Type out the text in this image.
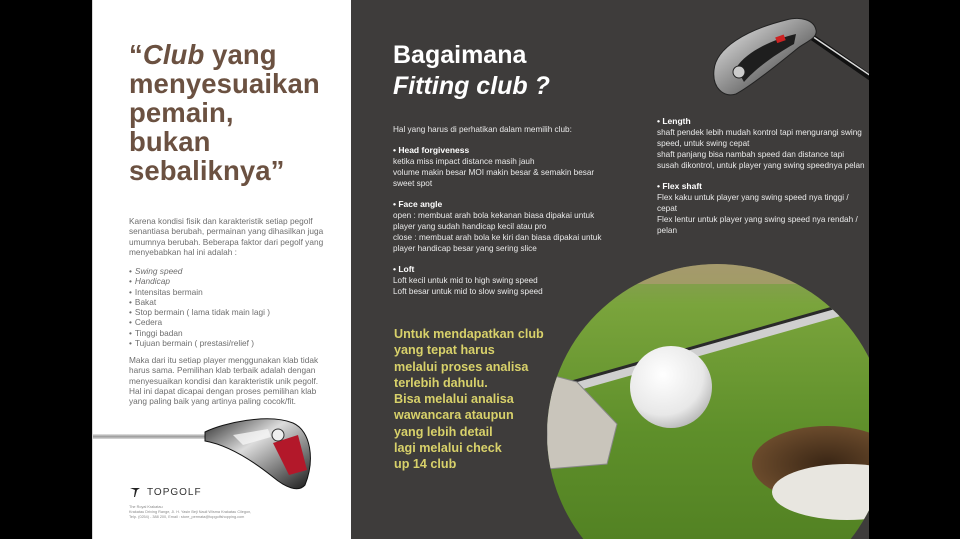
“Club yang
menyesuaikan
pemain,
bukan
sebaliknya”

Karena kondisi fisik dan karakteristik setiap pegolf senantiasa berubah, permainan yang dihasilkan juga umumnya berubah. Beberapa faktor dari pegolf yang menyebabkan hal ini adalah :

• Swing speed
• Handicap
• Intensitas bermain
• Bakat
• Stop bermain ( lama tidak main lagi )
• Cedera
• Tinggi badan
• Tujuan bermain ( prestasi/relief )

Maka dari itu setiap player menggunakan klab tidak harus sama. Pemilihan klab terbaik adalah dengan menyesuaikan kondisi dan karakteristik unik pegolf. Hal ini dapat dicapai dengan proses pemilihan klab yang paling baik yang artinya paling cocok/fit.

TOPGOLF
The Royal Krakatau
Krakatau Driving Range, Jl. H. Yasin Beji Nauli Wisma Krakatau Cilegon,
Telp. (0254) - 388 200, Email : store_permata@topgolfshopping.com
Bagaimana
Fitting club ?
Hal yang harus di perhatikan dalam memilih club:
• Head forgiveness
ketika miss impact distance masih jauh
volume makin besar MOI makin besar & semakin besar sweet spot
• Face angle
open : membuat arah bola kekanan biasa dipakai untuk player yang sudah handicap kecil atau pro
close : membuat arah bola ke kiri dan biasa dipakai untuk player handicap besar yang sering slice
• Loft
Loft kecil untuk mid to high swing speed
Loft besar untuk mid to slow swing speed
• Length
shaft pendek lebih mudah kontrol tapi mengurangi swing speed, untuk swing cepat
shaft panjang bisa nambah speed dan distance tapi susah dikontrol, untuk player yang swing speednya pelan
• Flex shaft
Flex kaku untuk player yang swing speed nya tinggi / cepat
Flex lentur untuk player yang swing speed nya rendah / pelan
Untuk mendapatkan club
yang tepat harus
melalui proses analisa
terlebih dahulu.
Bisa melalui analisa
wawancara ataupun
yang lebih detail
lagi melalui check
up 14 club
